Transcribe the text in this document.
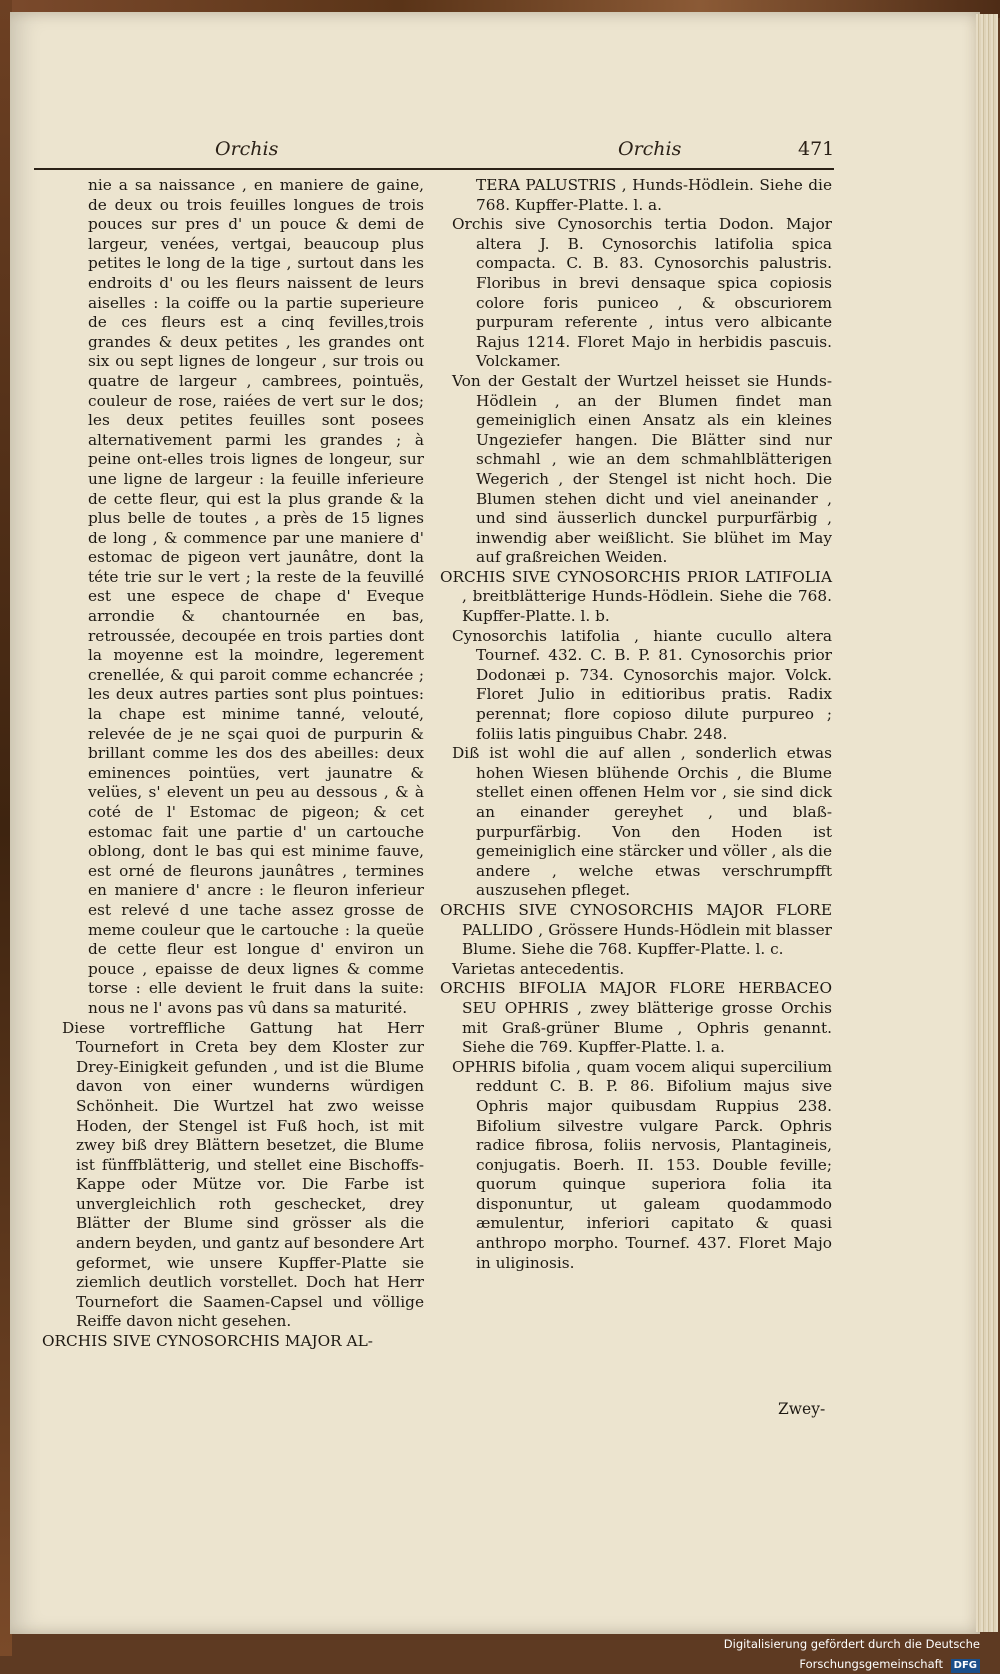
Orchis	Orchis	471

nie a sa naissance , en maniere de gaine, de deux ou trois feuilles longues de trois pouces sur pres d' un pouce & demi de largeur, venées, vertgai, beaucoup plus petites le long de la tige , surtout dans les endroits d' ou les fleurs naissent de leurs aiselles : la coiffe ou la partie superieure de ces fleurs est a cinq fevilles,trois grandes & deux petites , les grandes ont six ou sept lignes de longeur , sur trois ou quatre de largeur , cambrees, pointuës, couleur de rose, raiées de vert sur le dos; les deux petites feuilles sont posees alternativement parmi les grandes ; à peine ont-elles trois lignes de longeur, sur une ligne de largeur : la feuille inferieure de cette fleur, qui est la plus grande & la plus belle de toutes , a près de 15 lignes de long , & commence par une maniere d' estomac de pigeon vert jaunâtre, dont la téte trie sur le vert ; la reste de la feuvillé est une espece de chape d' Eveque arrondie & chantournée en bas, retroussée, decoupée en trois parties dont la moyenne est la moindre, legerement crenellée, & qui paroit comme echancrée ; les deux autres parties sont plus pointues: la chape est minime tanné, velouté, relevée de je ne sçai quoi de purpurin & brillant comme les dos des abeilles: deux eminences pointües, vert jaunatre & velües, s' elevent un peu au dessous , & à coté de l' Estomac de pigeon; & cet estomac fait une partie d' un cartouche oblong, dont le bas qui est minime fauve, est orné de fleurons jaunâtres , termines en maniere d' ancre : le fleuron inferieur est relevé d une tache assez grosse de meme couleur que le cartouche : la queüe de cette fleur est longue d' environ un pouce , epaisse de deux lignes & comme torse : elle devient le fruit dans la suite: nous ne l' avons pas vû dans sa maturité.

Diese vortreffliche Gattung hat Herr Tournefort in Creta bey dem Kloster zur Drey-Einigkeit gefunden , und ist die Blume davon von einer wunderns würdigen Schönheit. Die Wurtzel hat zwo weisse Hoden, der Stengel ist Fuß hoch, ist mit zwey biß drey Blättern besetzet, die Blume ist fünffblätterig, und stellet eine Bischoffs-Kappe oder Mütze vor. Die Farbe ist unvergleichlich roth geschecket, drey Blätter der Blume sind grösser als die andern beyden, und gantz auf besondere Art geformet, wie unsere Kupffer-Platte sie ziemlich deutlich vorstellet. Doch hat Herr Tournefort die Saamen-Capsel und völlige Reiffe davon nicht gesehen.

ORCHIS SIVE CYNOSORCHIS MAJOR AL-

TERA PALUSTRIS , Hunds-Hödlein. Siehe die 768. Kupffer-Platte. l. a.

Orchis sive Cynosorchis tertia Dodon. Major altera J. B. Cynosorchis latifolia spica compacta. C. B. 83. Cynosorchis palustris. Floribus in brevi densaque spica copiosis colore foris puniceo , & obscuriorem purpuram referente , intus vero albicante Rajus 1214. Floret Majo in herbidis pascuis. Volckamer.

Von der Gestalt der Wurtzel heisset sie Hunds-Hödlein , an der Blumen findet man gemeiniglich einen Ansatz als ein kleines Ungeziefer hangen. Die Blätter sind nur schmahl , wie an dem schmahlblätterigen Wegerich , der Stengel ist nicht hoch. Die Blumen stehen dicht und viel aneinander , und sind äusserlich dunckel purpurfärbig , inwendig aber weißlicht. Sie blühet im May auf graßreichen Weiden.

ORCHIS SIVE CYNOSORCHIS PRIOR LATIFOLIA , breitblätterige Hunds-Hödlein. Siehe die 768. Kupffer-Platte. l. b.

Cynosorchis latifolia , hiante cucullo altera Tournef. 432. C. B. P. 81. Cynosorchis prior Dodonæi p. 734. Cynosorchis major. Volck. Floret Julio in editioribus pratis. Radix perennat; flore copioso dilute purpureo ; foliis latis pinguibus Chabr. 248.

Diß ist wohl die auf allen , sonderlich etwas hohen Wiesen blühende Orchis , die Blume stellet einen offenen Helm vor , sie sind dick an einander gereyhet , und blaß-purpurfärbig. Von den Hoden ist gemeiniglich eine stärcker und völler , als die andere , welche etwas verschrumpfft auszusehen pfleget.

ORCHIS SIVE CYNOSORCHIS MAJOR FLORE PALLIDO , Grössere Hunds-Hödlein mit blasser Blume. Siehe die 768. Kupffer-Platte. l. c.

Varietas antecedentis.

ORCHIS BIFOLIA MAJOR FLORE HERBACEO SEU OPHRIS , zwey blätterige grosse Orchis mit Graß-grüner Blume , Ophris genannt. Siehe die 769. Kupffer-Platte. l. a.

OPHRIS bifolia , quam vocem aliqui supercilium reddunt C. B. P. 86. Bifolium majus sive Ophris major quibusdam Ruppius 238. Bifolium silvestre vulgare Parck. Ophris radice fibrosa, foliis nervosis, Plantagineis, conjugatis. Boerh. II. 153. Double feville; quorum quinque superiora folia ita disponuntur, ut galeam quodammodo æmulentur, inferiori capitato & quasi anthropo morpho. Tournef. 437. Floret Majo in uliginosis.

Zwey-
Digitalisierung gefördert durch die Deutsche Forschungsgemeinschaft DFG
